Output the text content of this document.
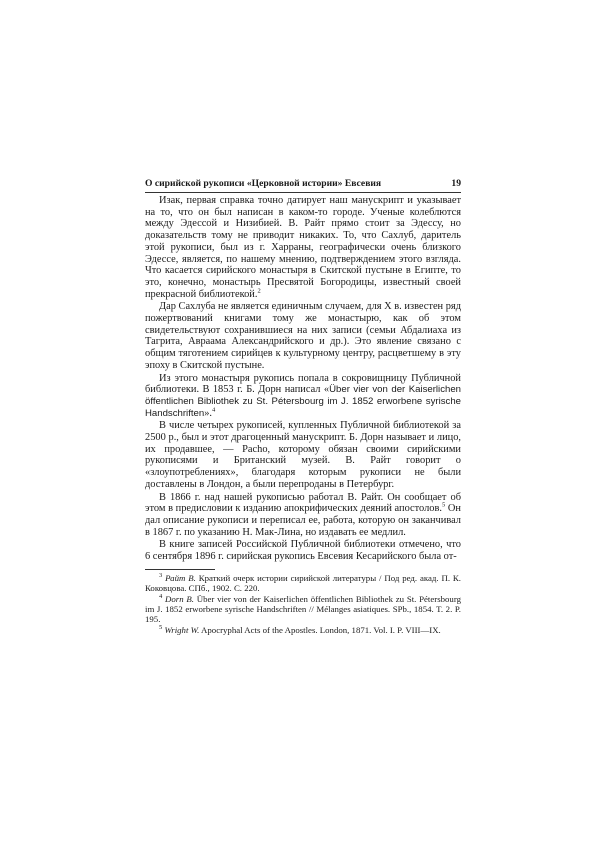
О сирийской рукописи «Церковной истории» Евсевия	19

Изак, первая справка точно датирует наш манускрипт и указывает на то, что он был написан в каком-то городе. Ученые колеблются между Эдессой и Низибией. В. Райт прямо стоит за Эдессу, но доказательств тому не приводит никаких. То, что Сахлуб, даритель этой рукописи, был из г. Харраны, географически очень близкого Эдессе, является, по нашему мнению, подтверждением этого взгляда. Что касается сирийского монастыря в Скитской пустыне в Египте, то это, конечно, монастырь Пресвятой Богородицы, известный своей прекрасной библиотекой.$^2$

Дар Сахлуба не является единичным случаем, для X в. известен ряд пожертвований книгами тому же монастырю, как об этом свидетельствуют сохранившиеся на них записи (семьи Абдалиаха из Тагрита, Авраама Александрийского и др.). Это явление связано с общим тяготением сирийцев к культурному центру, расцветшему в эту эпоху в Скитской пустыне.

Из этого монастыря рукопись попала в сокровищницу Публичной библиотеки. В 1853 г. Б. Дорн написал «Über vier von der Kaiserlichen öffentlichen Bibliothek zu St. Pétersbourg im J. 1852 erworbene syrische Handschriften».$^4$

В числе четырех рукописей, купленных Публичной библиотекой за 2500 р., был и этот драгоценный манускрипт. Б. Дорн называет и лицо, их продавшее, — Pacho, которому обязан своими сирийскими рукописями и Британский музей. В. Райт говорит о «злоупотреблениях», благодаря которым рукописи не были доставлены в Лондон, а были перепроданы в Петербург.

В 1866 г. над нашей рукописью работал В. Райт. Он сообщает об этом в предисловии к изданию апокрифических деяний апостолов.$^5$ Он дал описание рукописи и переписал ее, работа, которую он заканчивал в 1867 г. по указанию Н. Мак-Лина, но издавать ее медлил.

В книге записей Российской Публичной библиотеки отмечено, что 6 сентября 1896 г. сирийская рукопись Евсевия Кесарийского была от-

$^3$ Райт В. Краткий очерк истории сирийской литературы / Под ред. акад. П. К. Коковцова. СПб., 1902. С. 220.

$^4$ Dorn B. Über vier von der Kaiserlichen öffentlichen Bibliothek zu St. Pétersbourg im J. 1852 erworbene syrische Handschriften // Mélanges asiatiques. SPb., 1854. T. 2. P. 195.

$^5$ Wright W. Apocryphal Acts of the Apostles. London, 1871. Vol. I. P. VIII—IX.
